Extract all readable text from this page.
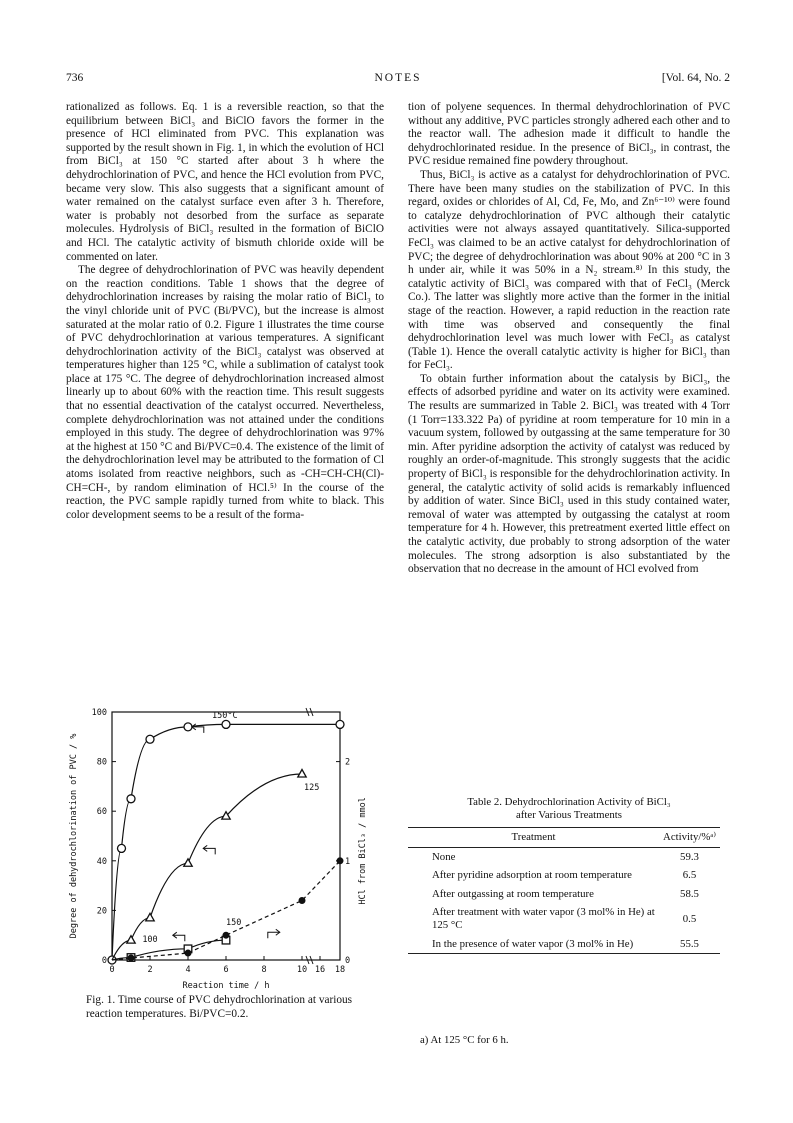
736	NOTES	[Vol. 64, No. 2

rationalized as follows. Eq. 1 is a reversible reaction, so that the equilibrium between BiCl₃ and BiClO favors the former in the presence of HCl eliminated from PVC. This explanation was supported by the result shown in Fig. 1, in which the evolution of HCl from BiCl₃ at 150 °C started after about 3 h where the dehydrochlorination of PVC, and hence the HCl evolution from PVC, became very slow. This also suggests that a significant amount of water remained on the catalyst surface even after 3 h. Therefore, water is probably not desorbed from the surface as separate molecules. Hydrolysis of BiCl₃ resulted in the formation of BiClO and HCl. The catalytic activity of bismuth chloride oxide will be commented on later.

The degree of dehydrochlorination of PVC was heavily dependent on the reaction conditions. Table 1 shows that the degree of dehydrochlorination increases by raising the molar ratio of BiCl₃ to the vinyl chloride unit of PVC (Bi/PVC), but the increase is almost saturated at the molar ratio of 0.2. Figure 1 illustrates the time course of PVC dehydrochlorination at various temperatures. A significant dehydrochlorination activity of the BiCl₃ catalyst was observed at temperatures higher than 125 °C, while a sublimation of catalyst took place at 175 °C. The degree of dehydrochlorination increased almost linearly up to about 60% with the reaction time. This result suggests that no essential deactivation of the catalyst occurred. Nevertheless, complete dehydrochlorination was not attained under the conditions employed in this study. The degree of dehydrochlorination was 97% at the highest at 150 °C and Bi/PVC=0.4. The existence of the limit of the dehydrochlorination level may be attributed to the formation of Cl atoms isolated from reactive neighbors, such as -CH=CH-CH(Cl)-CH=CH-, by random elimination of HCl.⁵⁾ In the course of the reaction, the PVC sample rapidly turned from white to black. This color development seems to be a result of the forma-

tion of polyene sequences. In thermal dehydrochlorination of PVC without any additive, PVC particles strongly adhered each other and to the reactor wall. The adhesion made it difficult to handle the dehydrochlorinated residue. In the presence of BiCl₃, in contrast, the PVC residue remained fine powdery throughout.

Thus, BiCl₃ is active as a catalyst for dehydrochlorination of PVC. There have been many studies on the stabilization of PVC. In this regard, oxides or chlorides of Al, Cd, Fe, Mo, and Zn⁶⁻¹⁰⁾ were found to catalyze dehydrochlorination of PVC although their catalytic activities were not always assayed quantitatively. Silica-supported FeCl₃ was claimed to be an active catalyst for dehydrochlorination of PVC; the degree of dehydrochlorination was about 90% at 200 °C in 3 h under air, while it was 50% in a N₂ stream.⁸⁾ In this study, the catalytic activity of BiCl₃ was compared with that of FeCl₃ (Merck Co.). The latter was slightly more active than the former in the initial stage of the reaction. However, a rapid reduction in the reaction rate with time was observed and consequently the final dehydrochlorination level was much lower with FeCl₃ as catalyst (Table 1). Hence the overall catalytic activity is higher for BiCl₃ than for FeCl₃.

To obtain further information about the catalysis by BiCl₃, the effects of adsorbed pyridine and water on its activity were examined. The results are summarized in Table 2. BiCl₃ was treated with 4 Torr (1 Torr=133.322 Pa) of pyridine at room temperature for 10 min in a vacuum system, followed by outgassing at the same temperature for 30 min. After pyridine adsorption the activity of catalyst was reduced by roughly an order-of-magnitude. This strongly suggests that the acidic property of BiCl₃ is responsible for the dehydrochlorination activity. In general, the catalytic activity of solid acids is remarkably influenced by addition of water. Since BiCl₃ used in this study contained water, removal of water was attempted by outgassing the catalyst at room temperature for 4 h. However, this pretreatment exerted little effect on the catalytic activity, due probably to strong adsorption of the water molecules. The strong adsorption is also substantiated by the observation that no decrease in the amount of HCl evolved from

0	2	4	6	8	10 16 18
0
20
40
60
80
100
0
1
2
Reaction time / h
Degree of dehydrochlorination of PVC / %	HCl from BiCl₃ / mmol
150°C
125
100
150
Fig. 1. Time course of PVC dehydrochlorination at various reaction temperatures. Bi/PVC=0.2.
Table 2. Dehydrochlorination Activity of BiCl₃
after Various Treatments
Treatment	Activity/%ᵃ⁾
None	59.3
After pyridine adsorption at room temperature	6.5
After outgassing at room temperature	58.5
After treatment with water vapor (3 mol% in He) at 125 °C	0.5
In the presence of water vapor (3 mol% in He)	55.5
a) At 125 °C for 6 h.
